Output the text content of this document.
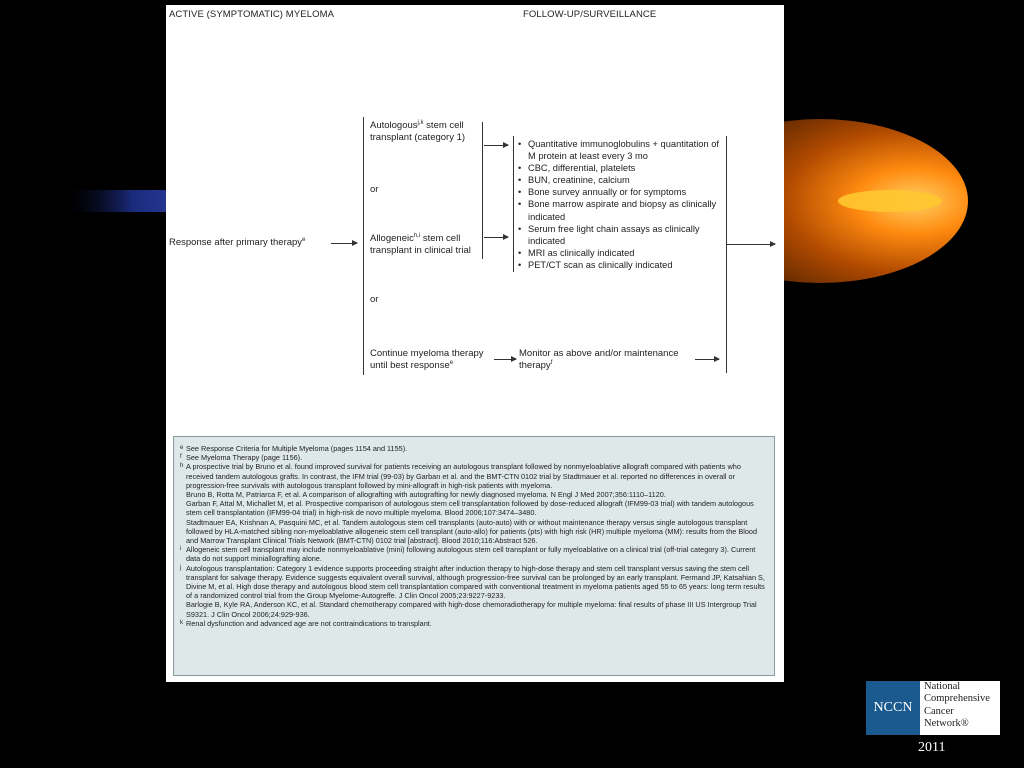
ACTIVE (SYMPTOMATIC) MYELOMA	FOLLOW-UP/SURVEILLANCE
Response after primary therapy$^e$
Autologous$^{j,k}$ stem cell
transplant (category 1)
or
Allogeneic$^{h,i}$ stem cell
transplant in clinical trial
or
Continue myeloma therapy
until best response$^e$
• Quantitative immunoglobulins + quantitation of M protein at least every 3 mo
• CBC, differential, platelets
• BUN, creatinine, calcium
• Bone survey annually or for symptoms
• Bone marrow aspirate and biopsy as clinically indicated
• Serum free light chain assays as clinically indicated
• MRI as clinically indicated
• PET/CT scan as clinically indicated
Monitor as above and/or maintenance
therapy$^f$
e See Response Criteria for Multiple Myeloma (pages 1154 and 1155).
f See Myeloma Therapy (page 1156).
h A prospective trial by Bruno et al. found improved survival for patients receiving an autologous transplant followed by nonmyeloablative allograft compared with patients who received tandem autologous grafts. In contrast, the IFM trial (99-03) by Garban et al. and the BMT-CTN 0102 trial by Stadtmauer et al. reported no differences in overall or progression-free survivals with autologous transplant followed by mini-allograft in high-risk patients with myeloma.
Bruno B, Rotta M, Patriarca F, et al. A comparison of allografting with autografting for newly diagnosed myeloma. N Engl J Med 2007;356:1110–1120.
Garban F, Attal M, Michallet M, et al. Prospective comparison of autologous stem cell transplantation followed by dose-reduced allograft (IFM99-03 trial) with tandem autologous stem cell transplantation (IFM99-04 trial) in high-risk de novo multiple myeloma. Blood 2006;107:3474–3480.
Stadtmauer EA, Krishnan A, Pasquini MC, et al. Tandem autologous stem cell transplants (auto-auto) with or without maintenance therapy versus single autologous transplant followed by HLA-matched sibling non-myeloablative allogeneic stem cell transplant (auto-allo) for patients (pts) with high risk (HR) multiple myeloma (MM): results from the Blood and Marrow Transplant Clinical Trials Network (BMT-CTN) 0102 trial [abstract]. Blood 2010;116:Abstract 526.
i Allogeneic stem cell transplant may include nonmyeloablative (mini) following autologous stem cell transplant or fully myeloablative on a clinical trial (off-trial category 3). Current data do not support miniallografting alone.
j Autologous transplantation: Category 1 evidence supports proceeding straight after induction therapy to high-dose therapy and stem cell transplant versus saving the stem cell transplant for salvage therapy. Evidence suggests equivalent overall survival, although progression-free survival can be prolonged by an early transplant. Fermand JP, Katsahian S, Divine M, et al. High dose therapy and autologous blood stem cell transplantation compared with conventional treatment in myeloma patients aged 55 to 65 years: long term results of a randomized control trial from the Group Myelome-Autogreffe. J Clin Oncol 2005;23:9227-9233.
Barlogie B, Kyle RA, Anderson KC, et al. Standard chemotherapy compared with high-dose chemoradiotherapy for multiple myeloma: final results of phase III US Intergroup Trial S9321. J Clin Oncol 2006;24:929-936.
k Renal dysfunction and advanced age are not contraindications to transplant.
NCCN
National
Comprehensive
Cancer
Network®
2011
